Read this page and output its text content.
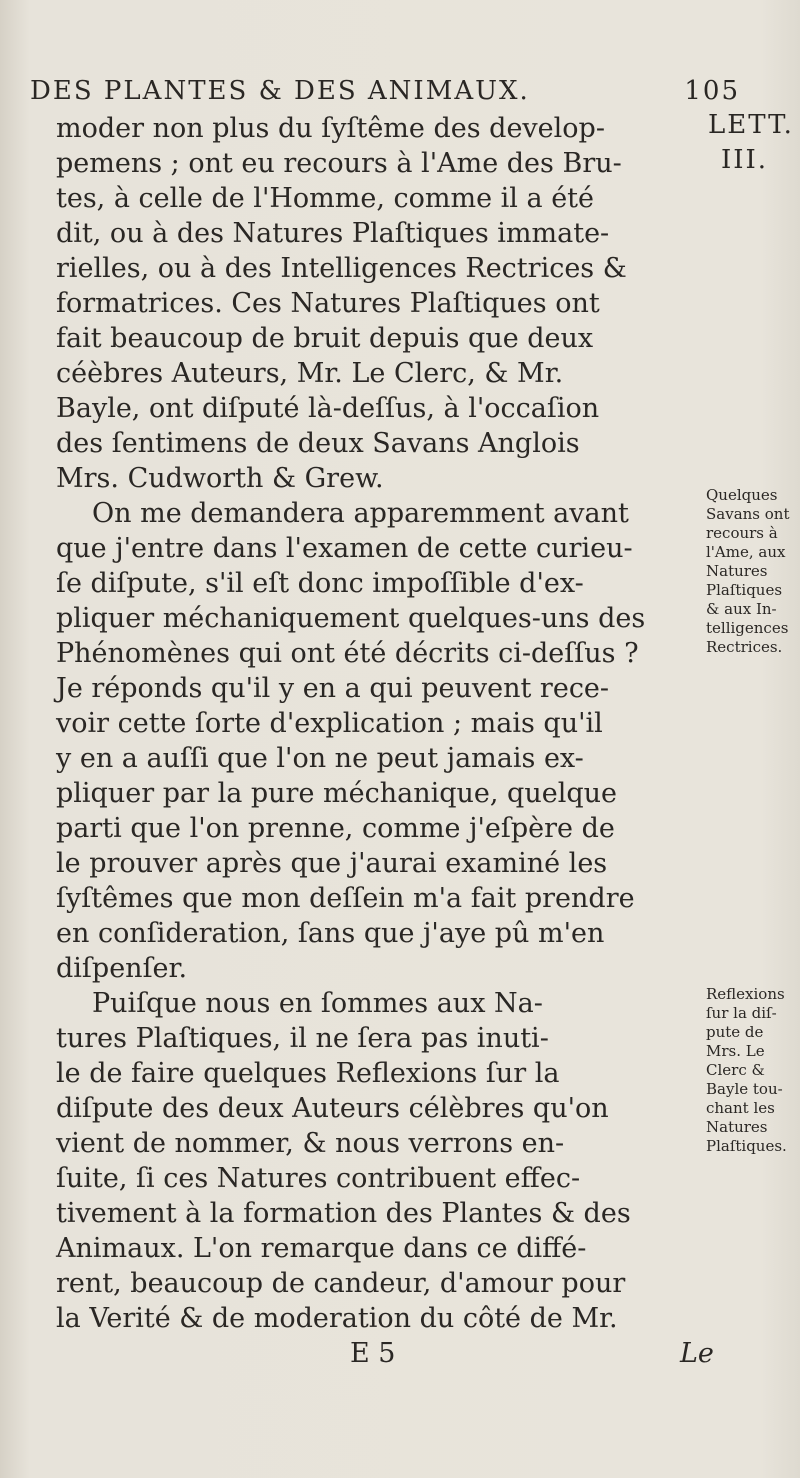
DES PLANTES & DES ANIMAUX.	105
LETT.
III.
moder non plus du ſyſtême des develop-
pemens ; ont eu recours à l'Ame des Bru-
tes, à celle de l'Homme, comme il a été
dit, ou à des Natures Plaſtiques immate-
rielles, ou à des Intelligences Rectrices &
formatrices. Ces Natures Plaſtiques ont
fait beaucoup de bruit depuis que deux
céèbres Auteurs, Mr. Le Clerc, & Mr.
Bayle, ont diſputé là-deſſus, à l'occaſion
des ſentimens de deux Savans Anglois
Mrs. Cudworth & Grew.
On me demandera apparemment avant
que j'entre dans l'examen de cette curieu-
ſe diſpute, s'il eſt donc impoſſible d'ex-
pliquer méchaniquement quelques-uns des
Phénomènes qui ont été décrits ci-deſſus ?
Je réponds qu'il y en a qui peuvent rece-
voir cette ſorte d'explication ; mais qu'il
y en a auſſi que l'on ne peut jamais ex-
pliquer par la pure méchanique, quelque
parti que l'on prenne, comme j'eſpère de
le prouver après que j'aurai examiné les
ſyſtêmes que mon deſſein m'a fait prendre
en conſideration, ſans que j'aye pû m'en
diſpenſer.
Puiſque nous en ſommes aux Na-
tures Plaſtiques, il ne ſera pas inuti-
le de faire quelques Reflexions ſur la
diſpute des deux Auteurs célèbres qu'on
vient de nommer, & nous verrons en-
ſuite, ſi ces Natures contribuent effec-
tivement à la formation des Plantes & des
Animaux. L'on remarque dans ce diffé-
rent, beaucoup de candeur, d'amour pour
la Verité & de moderation du côté de Mr.
Quelques
Savans ont
recours à
l'Ame, aux
Natures
Plaſtiques
& aux In-
telligences
Rectrices.
Reflexions
ſur la diſ-
pute de
Mrs. Le
Clerc &
Bayle tou-
chant les
Natures
Plaſtiques.
E 5	Le
